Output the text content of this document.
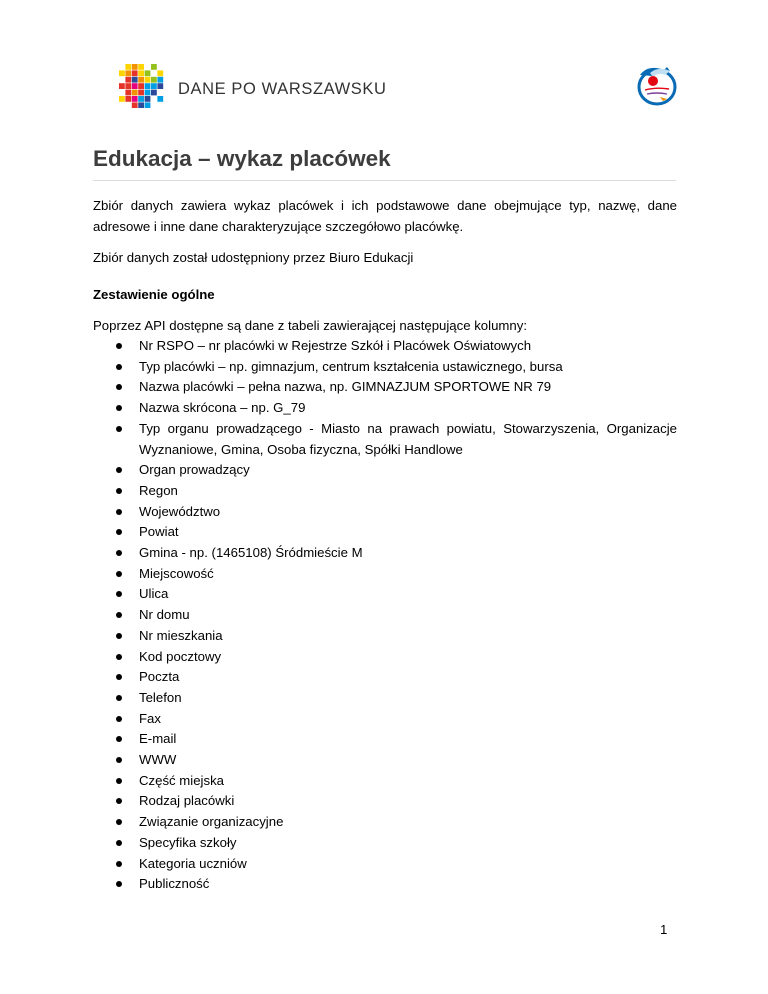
DANE PO WARSZAWSKU
Edukacja – wykaz placówek

Zbiór danych zawiera wykaz placówek i ich podstawowe dane obejmujące typ, nazwę, dane adresowe i inne dane charakteryzujące szczegółowo placówkę.

Zbiór danych został udostępniony przez Biuro Edukacji

Zestawienie ogólne

Poprzez API dostępne są dane z tabeli zawierającej następujące kolumny:

Nr RSPO – nr placówki w Rejestrze Szkół i Placówek Oświatowych
Typ placówki – np. gimnazjum, centrum kształcenia ustawicznego, bursa
Nazwa placówki – pełna nazwa, np. GIMNAZJUM SPORTOWE NR 79
Nazwa skrócona – np. G_79
Typ organu prowadzącego - Miasto na prawach powiatu, Stowarzyszenia, Organizacje Wyznaniowe, Gmina, Osoba fizyczna, Spółki Handlowe
Organ prowadzący
Regon
Województwo
Powiat
Gmina - np. (1465108) Śródmieście M
Miejscowość
Ulica
Nr domu
Nr mieszkania
Kod pocztowy
Poczta
Telefon
Fax
E-mail
WWW
Część miejska
Rodzaj placówki
Związanie organizacyjne
Specyfika szkoły
Kategoria uczniów
Publiczność
1
